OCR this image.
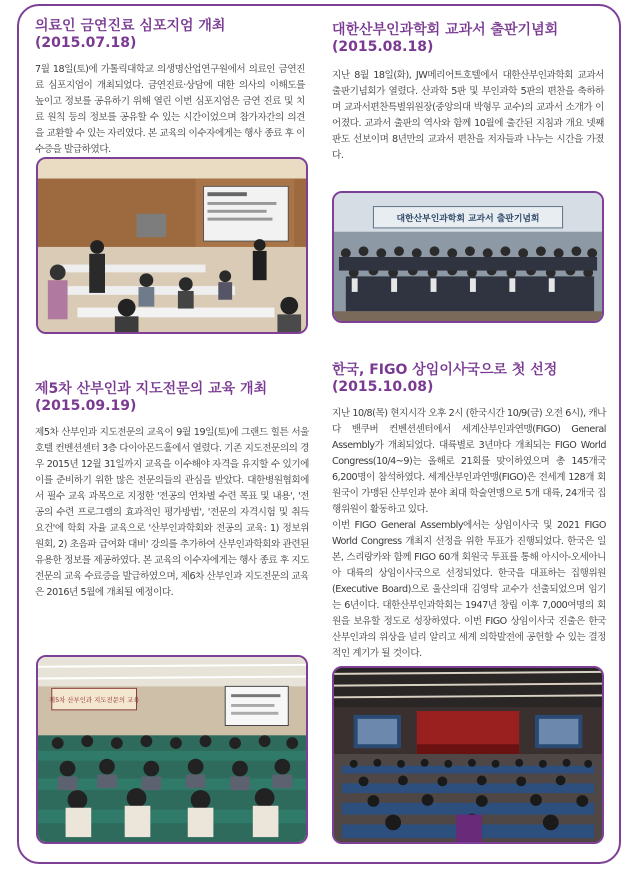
의료인 금연진료 심포지엄 개최 (2015.07.18)

7월 18일(토)에 가톨릭대학교 의생명산업연구원에서 의료인 금연진료 심포지엄이 개최되었다. 금연진료·상담에 대한 의사의 이해도를 높이고 정보를 공유하기 위해 열린 이번 심포지엄은 금연 진료 및 치료 원칙 등의 정보를 공유할 수 있는 시간이었으며 참가자간의 의견을 교환할 수 있는 자리였다. 본 교육의 이수자에게는 행사 종료 후 이수증을 발급하였다.

대한산부인과학회 교과서 출판기념회
(2015.08.18)

지난 8월 18일(화), JW메리어트호텔에서 대한산부인과학회 교과서 출판기념회가 열렸다. 산과학 5판 및 부인과학 5판의 편찬을 축하하며 교과서편찬특별위원장(중앙의대 박형무 교수)의 교과서 소개가 이어졌다. 교과서 출판의 역사와 함께 10월에 출간된 지침과 개요 넷째판도 선보이며 8년만의 교과서 편찬을 저자들과 나누는 시간을 가졌다.

대한산부인과학회 교과서 출판기념회
제5차 산부인과 지도전문의 교육 개최
(2015.09.19)

제5차 산부인과 지도전문의 교육이 9월 19일(토)에 그랜드 힐튼 서울호텔 컨벤션센터 3층 다이아몬드홀에서 열렸다. 기존 지도전문의의 경우 2015년 12월 31일까지 교육을 이수해야 자격을 유지할 수 있기에 이를 준비하기 위한 많은 전문의들의 관심을 받았다. 대한병원협회에서 필수 교육 과목으로 지정한 '전공의 연차별 수련 목표 및 내용', '전공의 수련 프로그램의 효과적인 평가방법', '전문의 자격시험 및 취득 요건'에 학회 자율 교육으로 '산부인과학회와 전공의 교육: 1) 정보위원회, 2) 초음파 급여화 대비' 강의를 추가하여 산부인과학회와 관련된 유용한 정보를 제공하였다. 본 교육의 이수자에게는 행사 종료 후 지도전문의 교육 수료증을 발급하였으며, 제6차 산부인과 지도전문의 교육은 2016년 5월에 개최될 예정이다.

제5차 산부인과 지도전문의 교육
한국, FIGO 상임이사국으로 첫 선정
(2015.10.08)

지난 10/8(목) 현지시각 오후 2시 (한국시간 10/9(금) 오전 6시), 캐나다 밴쿠버 컨벤션센터에서 세계산부인과연맹(FIGO) General Assembly가 개최되었다. 대륙별로 3년마다 개최되는 FIGO World Congress(10/4~9)는 올해로 21회를 맞이하였으며 총 145개국 6,200명이 참석하였다. 세계산부인과연맹(FIGO)은 전세계 128개 회원국이 가맹된 산부인과 분야 최대 학술연맹으로 5개 대륙, 24개국 집행위원이 활동하고 있다.
이번 FIGO General Assembly에서는 상임이사국 및 2021 FIGO World Congress 개최지 선정을 위한 투표가 진행되었다. 한국은 일본, 스리랑카와 함께 FIGO 60개 회원국 투표를 통해 아시아-오세아니아 대륙의 상임이사국으로 선정되었다. 한국을 대표하는 집행위원(Executive Board)으로 울산의대 김영탁 교수가 선출되었으며 임기는 6년이다. 대한산부인과학회는 1947년 창립 이후 7,000여명의 회원을 보유할 정도로 성장하였다. 이번 FIGO 상임이사국 진출은 한국 산부인과의 위상을 널리 알리고 세계 의학발전에 공헌할 수 있는 결정적인 계기가 될 것이다.
